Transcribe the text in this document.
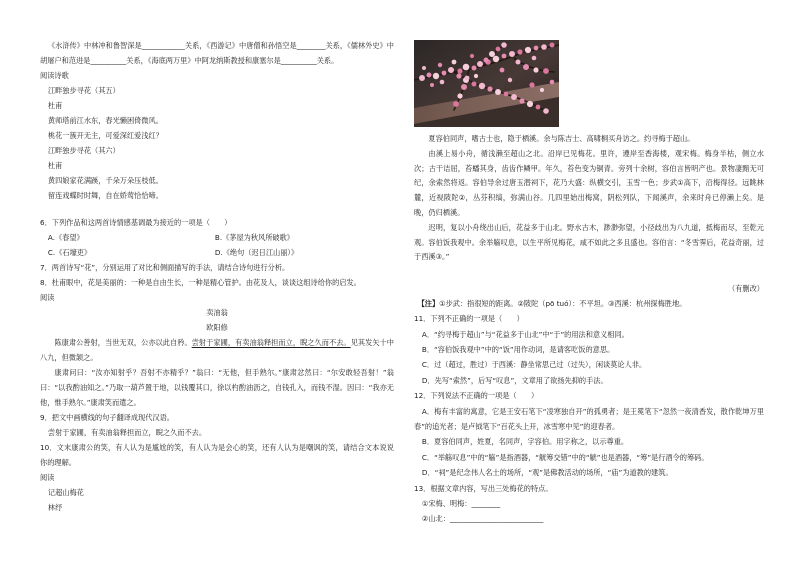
《水浒传》中林冲和鲁智深是____________关系，《西游记》中唐僧和孙悟空是________关系，《儒林外史》中胡屠户和范进是__________关系，《海底两万里》中阿龙纳斯教授和康塞尔是__________关系。

阅读诗歌

江畔独步寻花（其五）

杜甫

黄师塔前江水东，春光懒困倚微风。

桃花一簇开无主，可爱深红爱浅红？

江畔独步寻花（其六）

杜甫

黄四娘家花满蹊，千朵万朵压枝低。

留连戏蝶时时舞，自在娇莺恰恰啼。

6．下列作品和这两首诗情感基调最为接近的一项是（　　）

A.《春望》	B.《茅屋为秋风所破歌》
C.《石壕吏》	D.《绝句（迟日江山丽）》

7．两首诗写“花”，分别运用了对比和侧面描写的手法，请结合诗句进行分析。

8．杜甫眼中，花是美丽的：一种是自由生长，一种是精心管护。由花及人，谈谈这组诗给你的启发。

阅读

卖油翁

欧阳修

陈康肃公善射，当世无双，公亦以此自矜。尝射于家圃，有卖油翁释担而立，睨之久而不去。见其发矢十中八九，但微颔之。

康肃问曰：“汝亦知射乎？吾射不亦精乎？”翁曰：“无他，但手熟尔。”康肃忿然曰：“尔安敢轻吾射！”翁曰：“以我酌油知之。”乃取一葫芦置于地，以钱覆其口，徐以杓酌油沥之，自钱孔入，而钱不湿。因曰：“我亦无他，惟手熟尔。”康肃笑而遣之。

9．把文中画横线的句子翻译成现代汉语。

尝射于家圃，有卖油翁释担而立，睨之久而不去。

10．文末康肃公的笑，有人认为是尴尬的笑，有人认为是会心的笑，还有人认为是嘲讽的笑，请结合文本说说你的理解。

阅读

记超山梅花

林纾

夏容伯同声，嗜古士也，隐于栖溪。余与陈吉士、高啸桐买舟访之。约寻梅于超山。

由溪上易小舟，循浅濑至超山之北。沿岸已见梅花。里许，遵岸至香海楼，观宋梅。梅身半枯，侧立水次；古干诘屈，苔蟠其身，齿齿作鳞甲。年久，苔色变为铜青。旁列十余树，容伯言皆明产也。景物凄黯无可纪，余索然将返。容伯导余过唐玉潜祠下，花乃大盛：纵横交引，玉雪一色；步武①高下，沿梅得径。远眺林麓，近视陂陀②，丛芬积缟，弥满山谷。几四里始出梅窝，阴松列队，下闻溪声，余来时舟已停濑上矣。是晚，仍归栖溪。

迟明，复以小舟绕出山后，花益多于山北。野水古木，渺渺弥望，小径歧出为八九道，抵梅而尽，至乾元观。容伯饭我观中。余举觞叹息，以生平所见梅花，咸不如此之多且盛也。容伯言：“冬雪霁后，花益奇丽，过于西溪③。”

（有删改）

【注】①步武：指很短的距离。②陂陀（pō tuó）：不平坦。③西溪：杭州探梅胜地。

11．下列不正确的一项是（　　）

A．“约寻梅于超山”与“花益多于山北”中“于”的用法和意义相同。

B．“容伯饭我观中”中的“饭”用作动词，是请客吃饭的意思。

C．过（超过，胜过）于西溪：静坐常思己过（过失），闲谈莫论人非。

D．先写“索然”，后写“叹息”，文章用了欲扬先抑的手法。

12．下列说法不正确的一项是（　　）

A．梅有丰富的寓意，它是王安石笔下“凌寒独自开”的孤勇者；是王冕笔下“忽然一夜清香发，散作乾坤万里春”的追光者；是卢钺笔下“百花头上开，冰雪寒中见”的迎春者。

B．夏容伯同声，姓夏，名同声，字容伯。用字称之，以示尊重。

C．“举觞叹息”中的“觞”是指酒器，“觥筹交错”中的“觥”也是酒器，“筹”是行酒令的筹码。

D．“祠”是纪念伟人名士的场所，“观”是佛教活动的场所，“庙”为道教的建筑。

13．根据文章内容，写出三处梅花的特点。

①宋梅、明梅：________

②山北：__________________________
